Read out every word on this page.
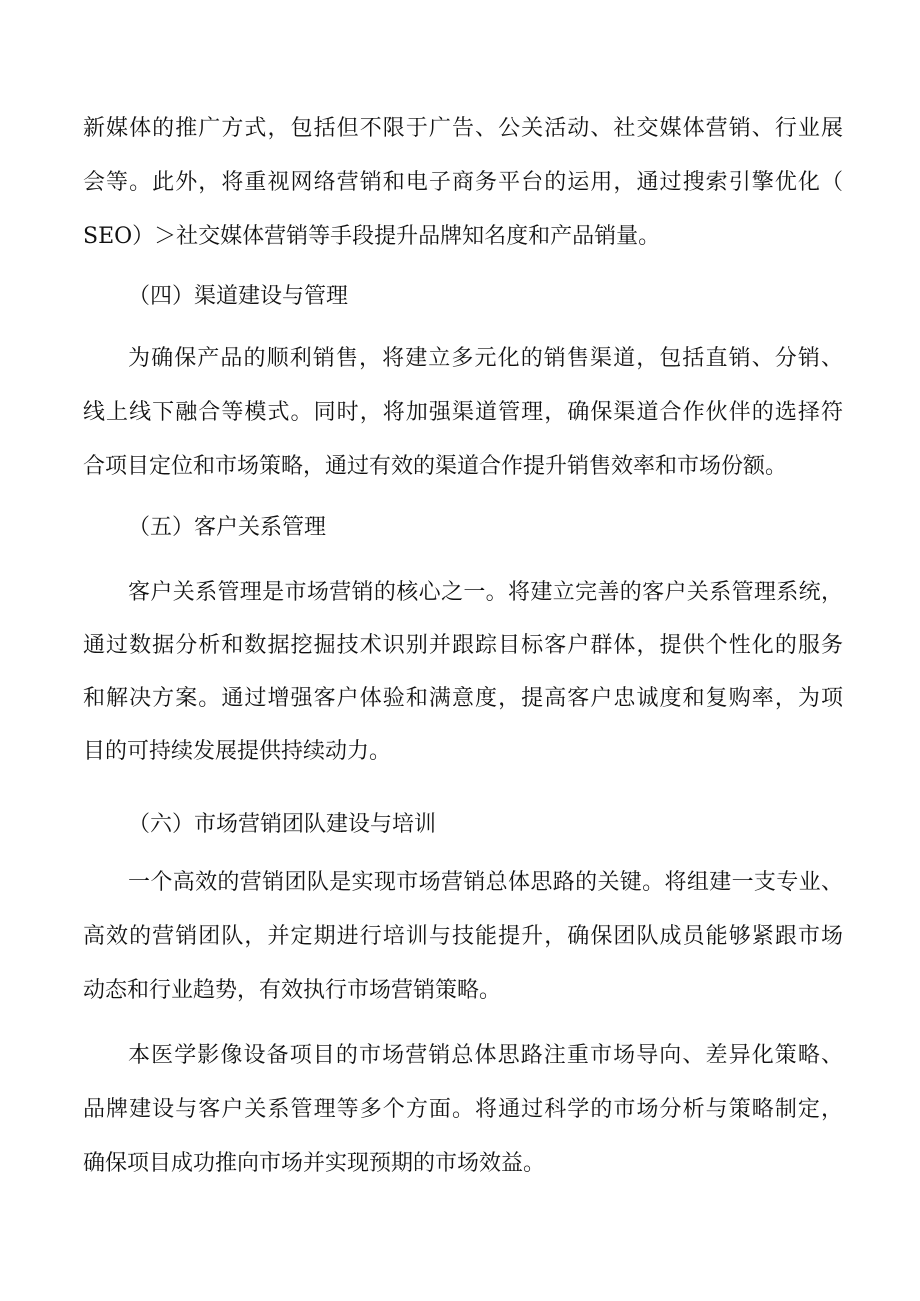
新媒体的推广方式，包括但不限于广告、公关活动、社交媒体营销、行业展

会等。此外，将重视网络营销和电子商务平台的运用，通过搜索引擎优化（

SEO）＞社交媒体营销等手段提升品牌知名度和产品销量。

（四）渠道建设与管理

为确保产品的顺利销售，将建立多元化的销售渠道，包括直销、分销、

线上线下融合等模式。同时，将加强渠道管理，确保渠道合作伙伴的选择符

合项目定位和市场策略，通过有效的渠道合作提升销售效率和市场份额。

（五）客户关系管理

客户关系管理是市场营销的核心之一。将建立完善的客户关系管理系统，

通过数据分析和数据挖掘技术识别并跟踪目标客户群体，提供个性化的服务

和解决方案。通过增强客户体验和满意度，提高客户忠诚度和复购率，为项

目的可持续发展提供持续动力。

（六）市场营销团队建设与培训

一个高效的营销团队是实现市场营销总体思路的关键。将组建一支专业、

高效的营销团队，并定期进行培训与技能提升，确保团队成员能够紧跟市场

动态和行业趋势，有效执行市场营销策略。

本医学影像设备项目的市场营销总体思路注重市场导向、差异化策略、

品牌建设与客户关系管理等多个方面。将通过科学的市场分析与策略制定，

确保项目成功推向市场并实现预期的市场效益。
